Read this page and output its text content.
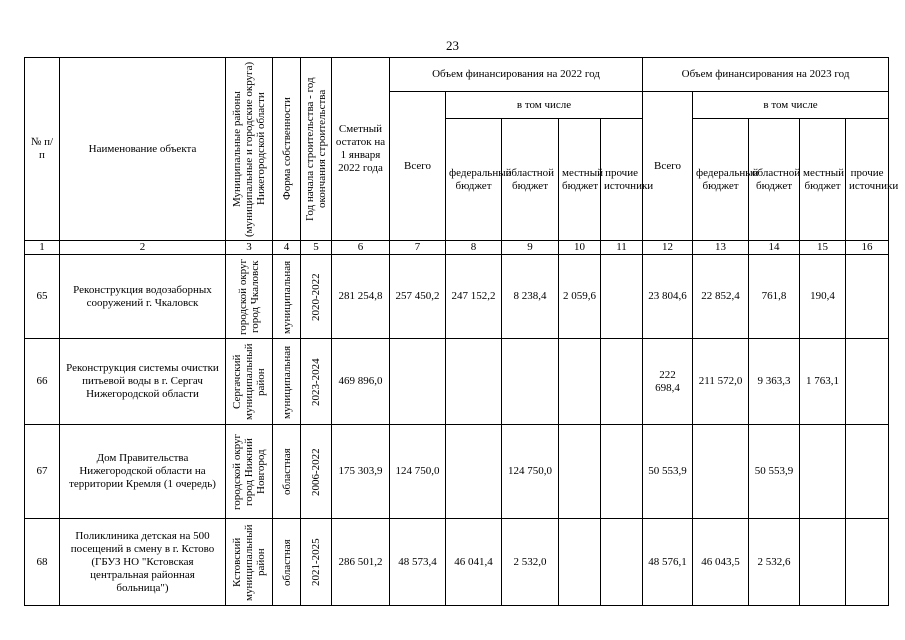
23
№ п/п	Наименование объекта	Муниципальные районы (муниципальные и городские округа) Нижегородской области	Форма собственности	Год начала строительства - год окончания строительства	Сметный остаток на 1 января 2022 года	Объем финансирования на 2022 год					Объем финансирования на 2023 год				

						Всего	в том числе				Всего	в том числе			

							федеральный бюджет	областной бюджет	местный бюджет	прочие источники		федеральный бюджет	областной бюджет	местный бюджет	прочие источники

1	2	3	4	5	6	7	8	9	10	11	12	13	14	15	16
65	Реконструкция водозаборных сооружений г. Чкаловск	городской округ город Чкаловск	муниципальная	2020-2022	281 254,8	257 450,2	247 152,2	8 238,4	2 059,6		23 804,6	22 852,4	761,8	190,4	

66	Реконструкция системы очистки питьевой воды в г. Сергач Нижегородской области	Сергачский муниципальный район	муниципальная	2023-2024	469 896,0						222 698,4	211 572,0	9 363,3	1 763,1	

67	Дом Правительства Нижегородской области на территории Кремля (1 очередь)	городской округ город Нижний Новгород	областная	2006-2022	175 303,9	124 750,0		124 750,0			50 553,9		50 553,9		

68	Поликлиника детская на 500 посещений в смену в г. Кстово (ГБУЗ НО "Кстовская центральная районная больница")	Кстовский муниципальный район	областная	2021-2025	286 501,2	48 573,4	46 041,4	2 532,0			48 576,1	46 043,5	2 532,6		
